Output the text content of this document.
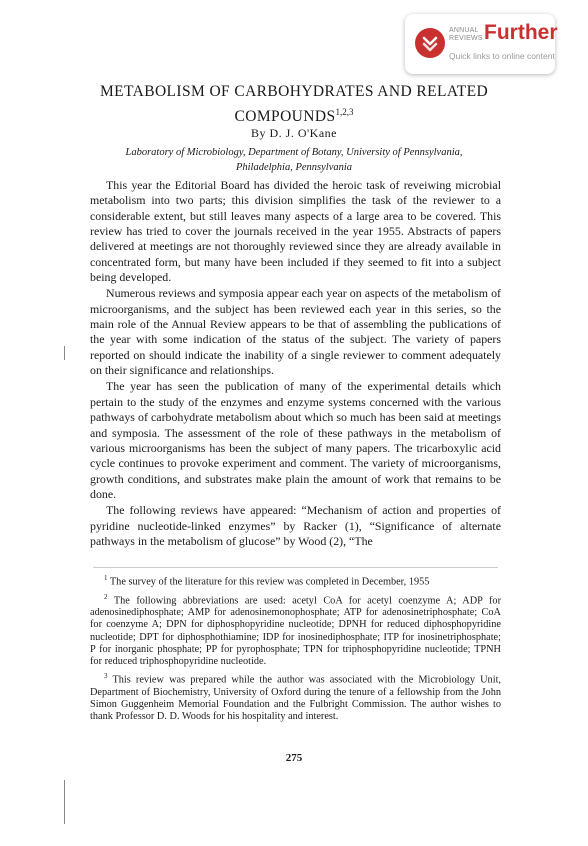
ANNUAL
REVIEWS Further
Quick links to online content
METABOLISM OF CARBOHYDRATES AND RELATED COMPOUNDS$^{1,2,3}$
By D. J. O'Kane
Laboratory of Microbiology, Department of Botany, University of Pennsylvania,
Philadelphia, Pennsylvania

This year the Editorial Board has divided the heroic task of reveiwing microbial metabolism into two parts; this division simplifies the task of the reviewer to a considerable extent, but still leaves many aspects of a large area to be covered. This review has tried to cover the journals received in the year 1955. Abstracts of papers delivered at meetings are not thoroughly reviewed since they are already available in concentrated form, but many have been included if they seemed to fit into a subject being developed.

Numerous reviews and symposia appear each year on aspects of the metabolism of microorganisms, and the subject has been reviewed each year in this series, so the main role of the Annual Review appears to be that of assembling the publications of the year with some indication of the status of the subject. The variety of papers reported on should indicate the inability of a single reviewer to comment adequately on their significance and relationships.

The year has seen the publication of many of the experimental details which pertain to the study of the enzymes and enzyme systems concerned with the various pathways of carbohydrate metabolism about which so much has been said at meetings and symposia. The assessment of the role of these pathways in the metabolism of various microorganisms has been the subject of many papers. The tricarboxylic acid cycle continues to provoke experiment and comment. The variety of microorganisms, growth conditions, and substrates make plain the amount of work that remains to be done.

The following reviews have appeared: “Mechanism of action and properties of pyridine nucleotide-linked enzymes” by Racker (1), “Significance of alternate pathways in the metabolism of glucose” by Wood (2), “The

$^1$ The survey of the literature for this review was completed in December, 1955

$^2$ The following abbreviations are used: acetyl CoA for acetyl coenzyme A; ADP for adenosinediphosphate; AMP for adenosinemonophosphate; ATP for adenosinetriphosphate; CoA for coenzyme A; DPN for diphosphopyridine nucleotide; DPNH for reduced diphosphopyridine nucleotide; DPT for diphosphothiamine; IDP for inosinediphosphate; ITP for inosinetriphosphate; P for inorganic phosphate; PP for pyrophosphate; TPN for triphosphopyridine nucleotide; TPNH for reduced triphosphopyridine nucleotide.

$^3$ This review was prepared while the author was associated with the Microbiology Unit, Department of Biochemistry, University of Oxford during the tenure of a fellowship from the John Simon Guggenheim Memorial Foundation and the Fulbright Commission. The author wishes to thank Professor D. D. Woods for his hospitality and interest.

275
